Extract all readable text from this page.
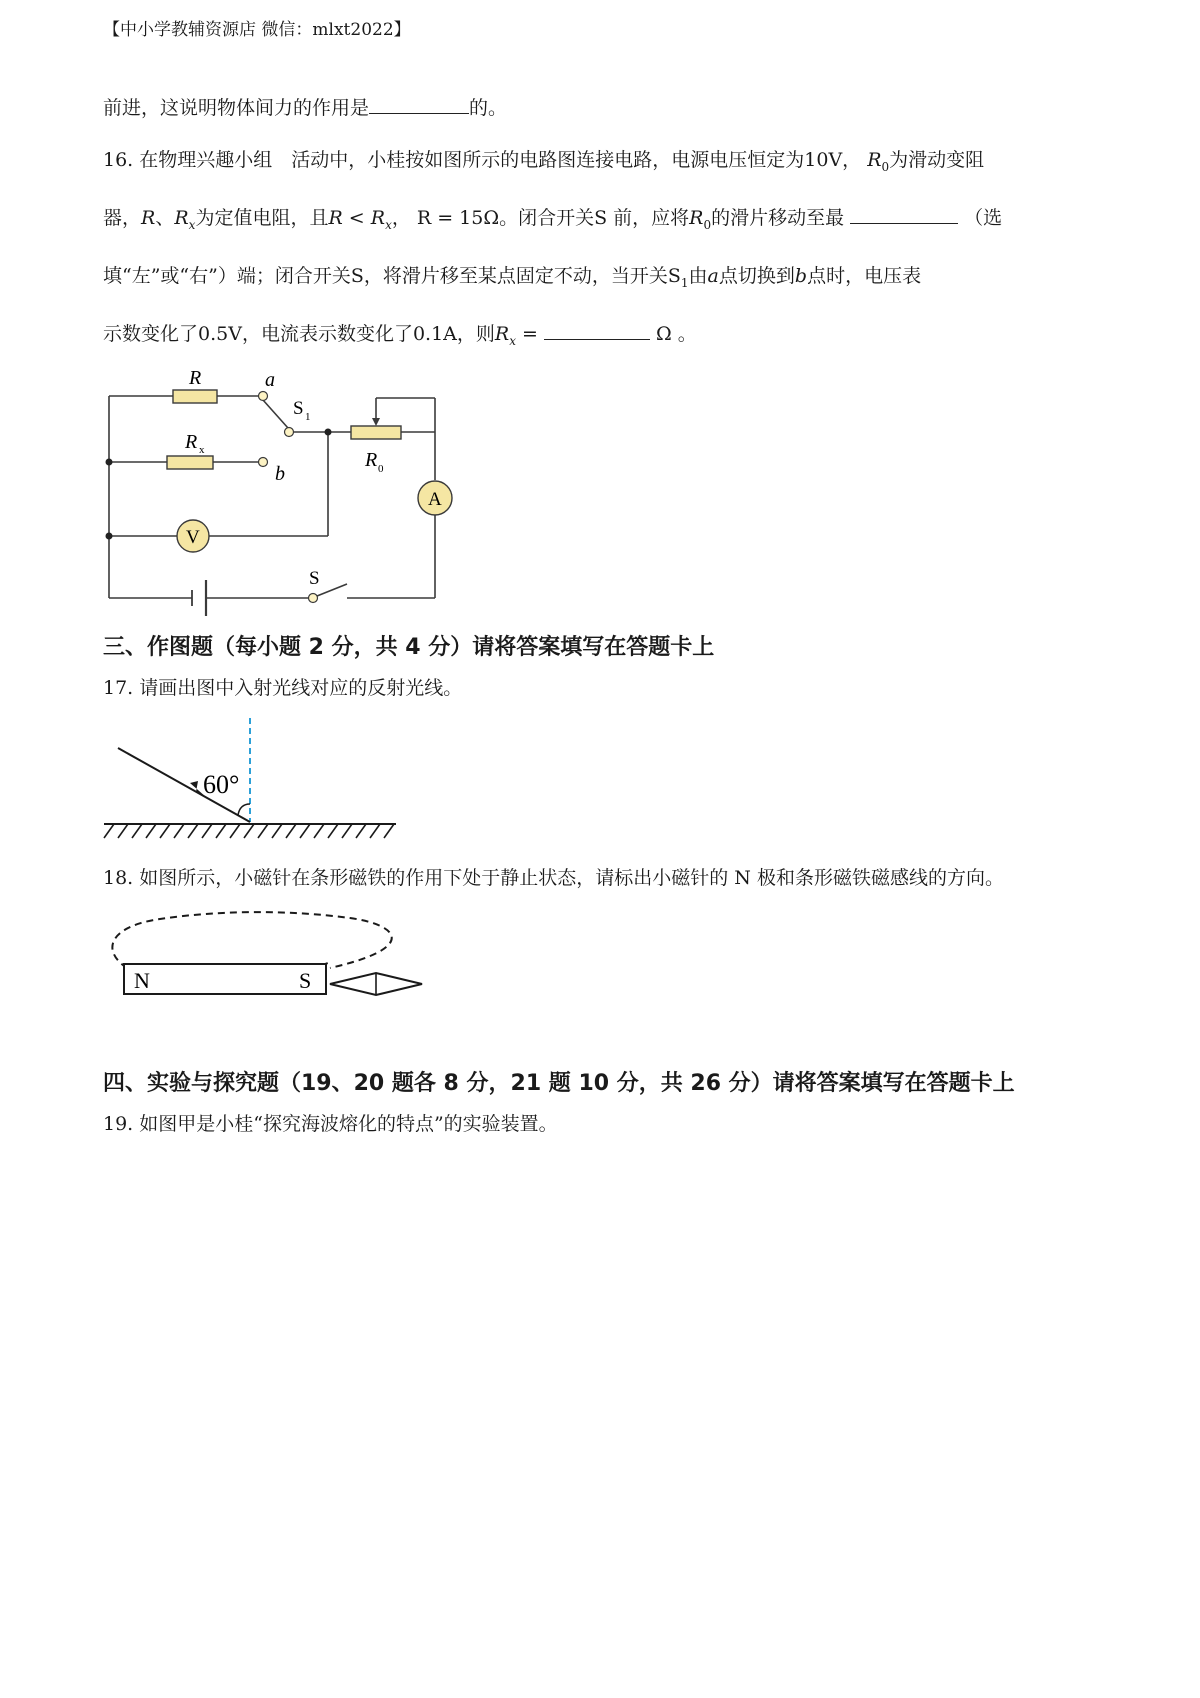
【中小学教辅资源店 微信：mlxt2022】
前进，这说明物体间力的作用是	的。
16. 在物理兴趣小组　活动中，小桂按如图所示的电路图连接电路，电源电压恒定为10V， $R_0$为滑动变阻
器，R、$R_x$为定值电阻，且$R < R_x$， R = 15Ω。闭合开关S 前，应将$R_0$的滑片移动至最	（选
填“左”或“右”）端；闭合开关S，将滑片移至某点固定不动，当开关$S_1$由a点切换到b点时，电压表
示数变化了0.5V，电流表示数变化了0.1A，则$R_x$ =	Ω 。
R	a
S 1
R x
b
R 0
A
V
S
三、作图题（每小题 2 分，共 4 分）请将答案填写在答题卡上
17. 请画出图中入射光线对应的反射光线。
60°
18. 如图所示，小磁针在条形磁铁的作用下处于静止状态，请标出小磁针的 N 极和条形磁铁磁感线的方向。
N	S
四、实验与探究题（19、20 题各 8 分，21 题 10 分，共 26 分）请将答案填写在答题卡上
19. 如图甲是小桂“探究海波熔化的特点”的实验装置。
